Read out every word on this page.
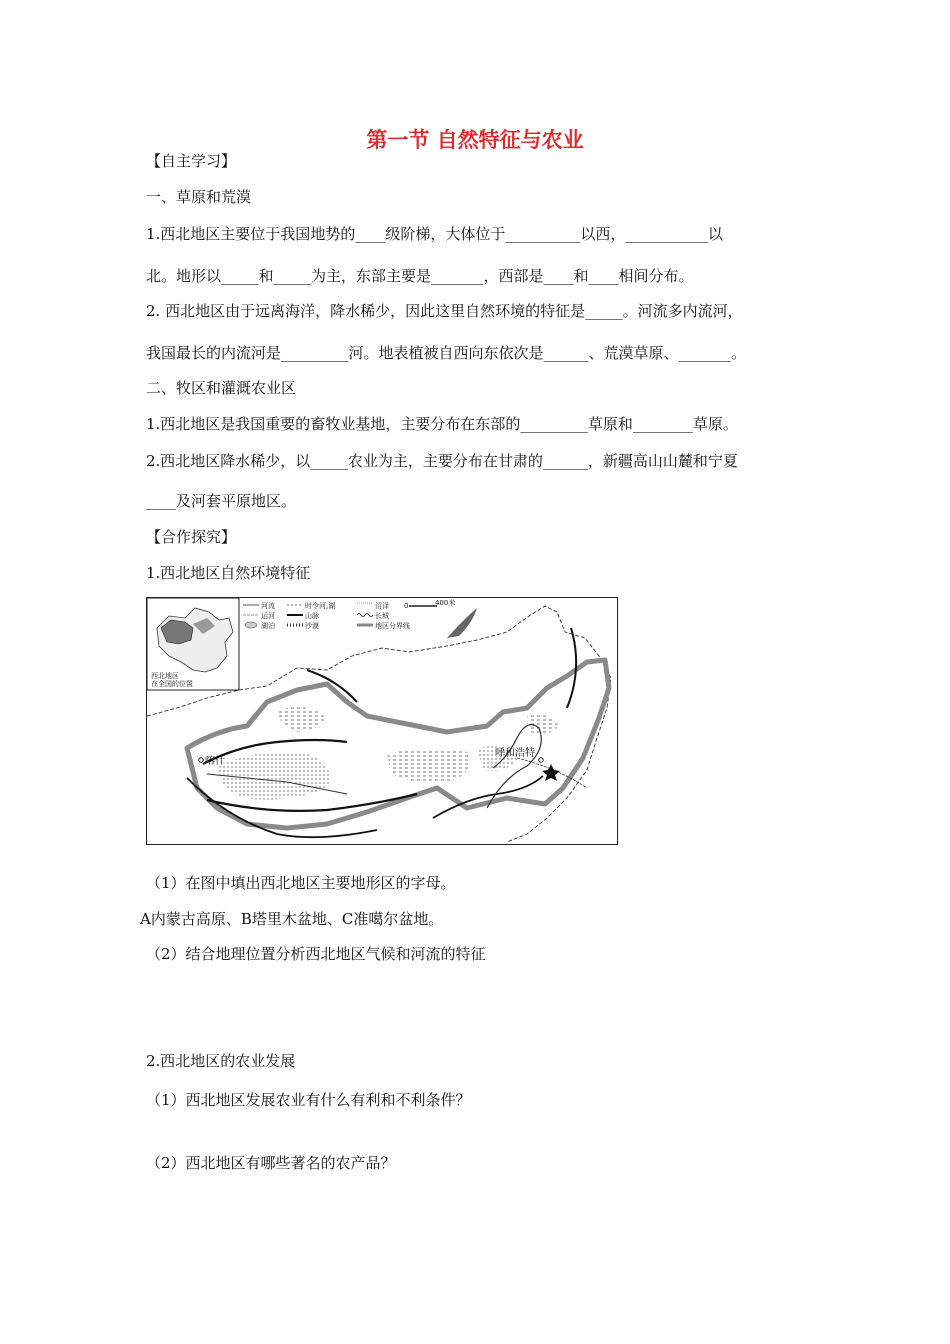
第一节 自然特征与农业
【自主学习】
一、草原和荒漠
1.西北地区主要位于我国地势的____级阶梯，大体位于__________以西，___________以
北。地形以_____和_____为主，东部主要是_______，西部是____和____相间分布。
2. 西北地区由于远离海洋，降水稀少，因此这里自然环境的特征是_____。河流多内流河，
我国最长的内流河是_________河。地表植被自西向东依次是______、荒漠草原、_______。
二、牧区和灌溉农业区
1.西北地区是我国重要的畜牧业基地，主要分布在东部的_________草原和________草原。
2.西北地区降水稀少，以_____农业为主，主要分布在甘肃的______，新疆高山山麓和宁夏
____及河套平原地区。
【合作探究】
1.西北地区自然环境特征
西北地区
在全国的位置
河流	时令河,湖	沼泽 0	400米
运河	山脉	长城
湖泊	沙漠	地区分界线
喀什
呼和浩特
（1）在图中填出西北地区主要地形区的字母。
A内蒙古高原、B塔里木盆地、C准噶尔盆地。
（2）结合地理位置分析西北地区气候和河流的特征
2.西北地区的农业发展
（1）西北地区发展农业有什么有利和不利条件？
（2）西北地区有哪些著名的农产品？
